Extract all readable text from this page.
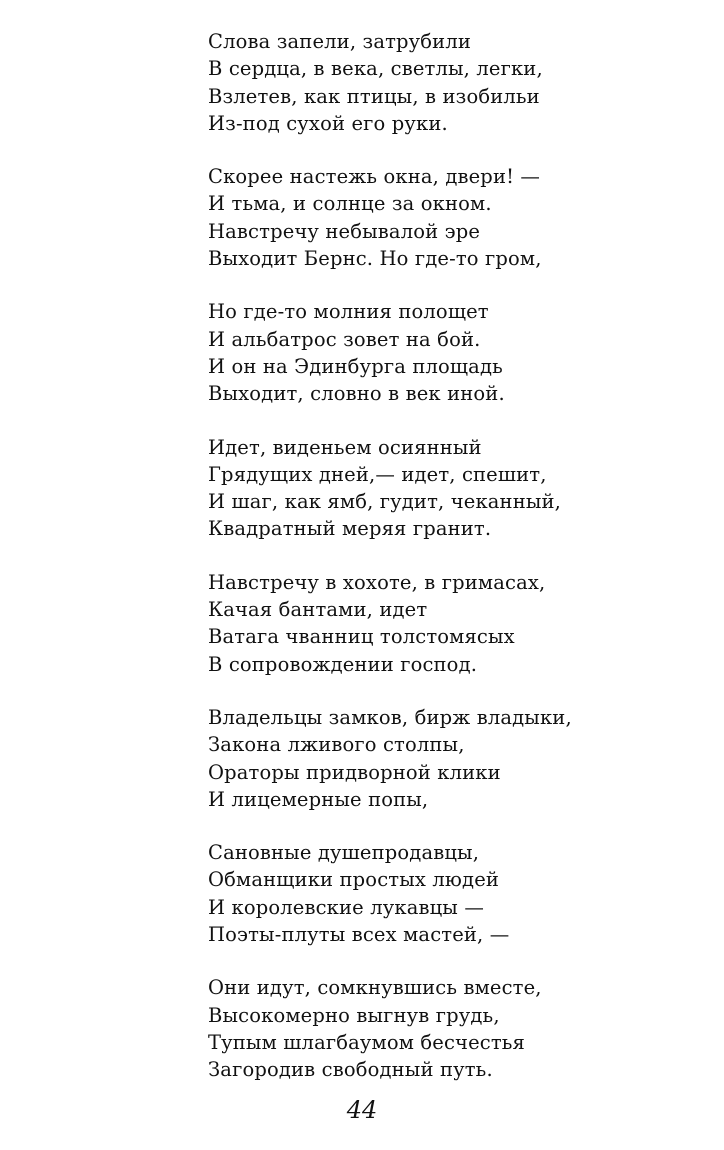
Слова запели, затрубили
В сердца, в века, светлы, легки,
Взлетев, как птицы, в изобильи
Из-под сухой его руки.
Скорее настежь окна, двери! —
И тьма, и солнце за окном.
Навстречу небывалой эре
Выходит Бернс. Но где-то гром,
Но где-то молния полощет
И альбатрос зовет на бой.
И он на Эдинбурга площадь
Выходит, словно в век иной.
Идет, виденьем осиянный
Грядущих дней,— идет, спешит,
И шаг, как ямб, гудит, чеканный,
Квадратный меряя гранит.
Навстречу в хохоте, в гримасах,
Качая бантами, идет
Ватага чванниц толстомясых
В сопровождении господ.
Владельцы замков, бирж владыки,
Закона лживого столпы,
Ораторы придворной клики
И лицемерные попы,
Сановные душепродавцы,
Обманщики простых людей
И королевские лукавцы —
Поэты-плуты всех мастей, —
Они идут, сомкнувшись вместе,
Высокомерно выгнув грудь,
Тупым шлагбаумом бесчестья
Загородив свободный путь.
44
